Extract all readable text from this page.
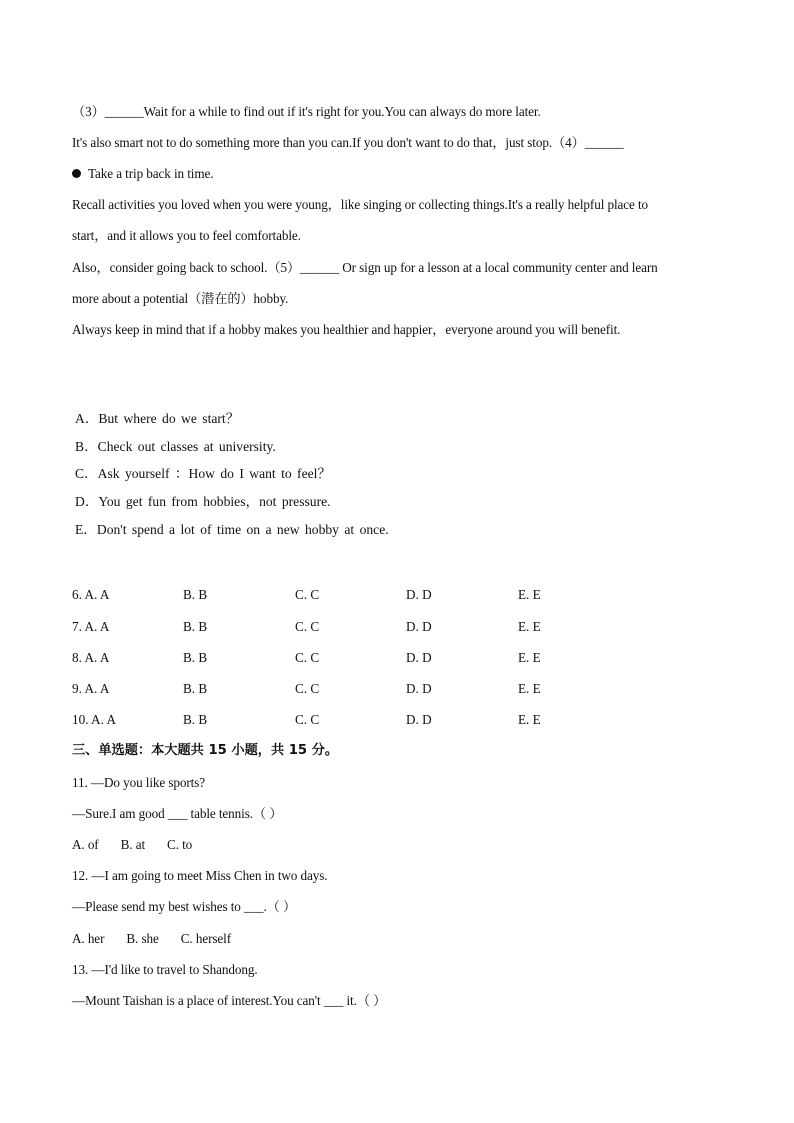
（3）______Wait for a while to find out if it's right for you.You can always do more later.
It's also smart not to do something more than you can.If you don't want to do that，just stop.（4）______
Take a trip back in time.
Recall activities you loved when you were young，like singing or collecting things.It's a really helpful place to
start，and it allows you to feel comfortable.
Also，consider going back to school.（5）______ Or sign up for a lesson at a local community center and learn
more about a potential（潜在的）hobby.
Always keep in mind that if a hobby makes you healthier and happier，everyone around you will benefit.
A．But where do we start？
B．Check out classes at university.
C．Ask yourself ：How do I want to feel？
D．You get fun from hobbies，not pressure.
E．Don't spend a lot of time on a new hobby at once.
6. A. A	B. B	C. C	D. D	E. E
7. A. A	B. B	C. C	D. D	E. E
8. A. A	B. B	C. C	D. D	E. E
9. A. A	B. B	C. C	D. D	E. E
10. A. A	B. B	C. C	D. D	E. E
三、单选题：本大题共 15 小题，共 15 分。
11. —Do you like sports?
—Sure.I am good ___ table tennis.（ ）
A. of B. at C. to
12. —I am going to meet Miss Chen in two days.
—Please send my best wishes to ___.（ ）
A. her B. she C. herself
13. —I'd like to travel to Shandong.
—Mount Taishan is a place of interest.You can't ___ it.（ ）
